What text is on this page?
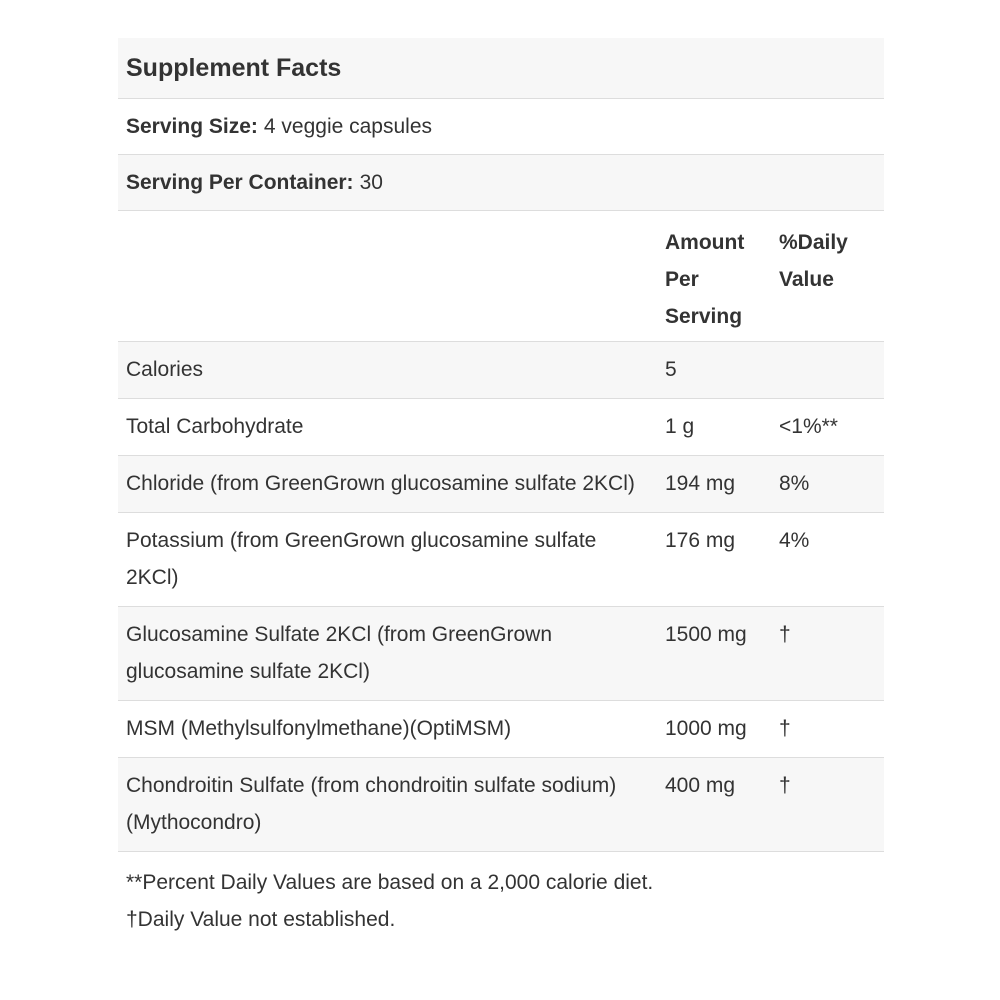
Supplement Facts
Serving Size: 4 veggie capsules
Serving Per Container: 30
	Amount Per Serving	%Daily Value
Calories	5	
Total Carbohydrate	1 g	<1%**
Chloride (from GreenGrown glucosamine sulfate 2KCl)	194 mg	8%
Potassium (from GreenGrown glucosamine sulfate 2KCl)	176 mg	4%
Glucosamine Sulfate 2KCl (from GreenGrown glucosamine sulfate 2KCl)	1500 mg	†
MSM (Methylsulfonylmethane)(OptiMSM)	1000 mg	†
Chondroitin Sulfate (from chondroitin sulfate sodium) (Mythocondro)	400 mg	†
**Percent Daily Values are based on a 2,000 calorie diet.
†Daily Value not established.
